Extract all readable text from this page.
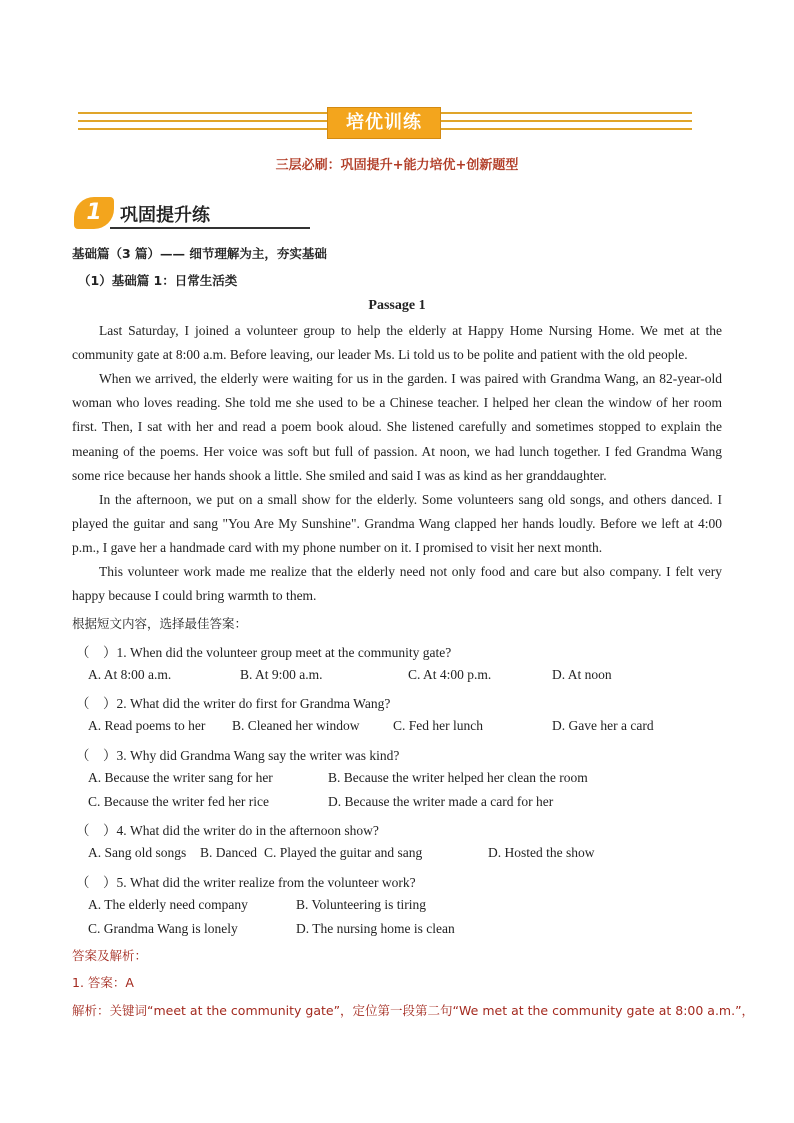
培优训练
三层必刷：巩固提升+能力培优+创新题型
1	巩固提升练
基础篇（3 篇）—— 细节理解为主，夯实基础
（1）基础篇 1：日常生活类
Passage 1

Last Saturday, I joined a volunteer group to help the elderly at Happy Home Nursing Home. We met at the community gate at 8:00 a.m. Before leaving, our leader Ms. Li told us to be polite and patient with the old people.

When we arrived, the elderly were waiting for us in the garden. I was paired with Grandma Wang, an 82-year-old woman who loves reading. She told me she used to be a Chinese teacher. I helped her clean the window of her room first. Then, I sat with her and read a poem book aloud. She listened carefully and sometimes stopped to explain the meaning of the poems. Her voice was soft but full of passion. At noon, we had lunch together. I fed Grandma Wang some rice because her hands shook a little. She smiled and said I was as kind as her granddaughter.

In the afternoon, we put on a small show for the elderly. Some volunteers sang old songs, and others danced. I played the guitar and sang "You Are My Sunshine". Grandma Wang clapped her hands loudly. Before we left at 4:00 p.m., I gave her a handmade card with my phone number on it. I promised to visit her next month.

This volunteer work made me realize that the elderly need not only food and care but also company. I felt very happy because I could bring warmth to them.

根据短文内容，选择最佳答案：
（　）1. When did the volunteer group meet at the community gate?
A. At 8:00 a.m.	B. At 9:00 a.m.	C. At 4:00 p.m.	D. At noon
（　）2. What did the writer do first for Grandma Wang?
A. Read poems to her B. Cleaned her window C. Fed her lunch	D. Gave her a card
（　）3. Why did Grandma Wang say the writer was kind?
A. Because the writer sang for her	B. Because the writer helped her clean the room
C. Because the writer fed her rice	D. Because the writer made a card for her
（　）4. What did the writer do in the afternoon show?
A. Sang old songs B. Danced C. Played the guitar and sang	D. Hosted the show
（　）5. What did the writer realize from the volunteer work?
A. The elderly need company	B. Volunteering is tiring
C. Grandma Wang is lonely	D. The nursing home is clean
答案及解析：
1. 答案：A
解析：关键词“meet at the community gate”，定位第一段第二句“We met at the community gate at 8:00 a.m.”，
